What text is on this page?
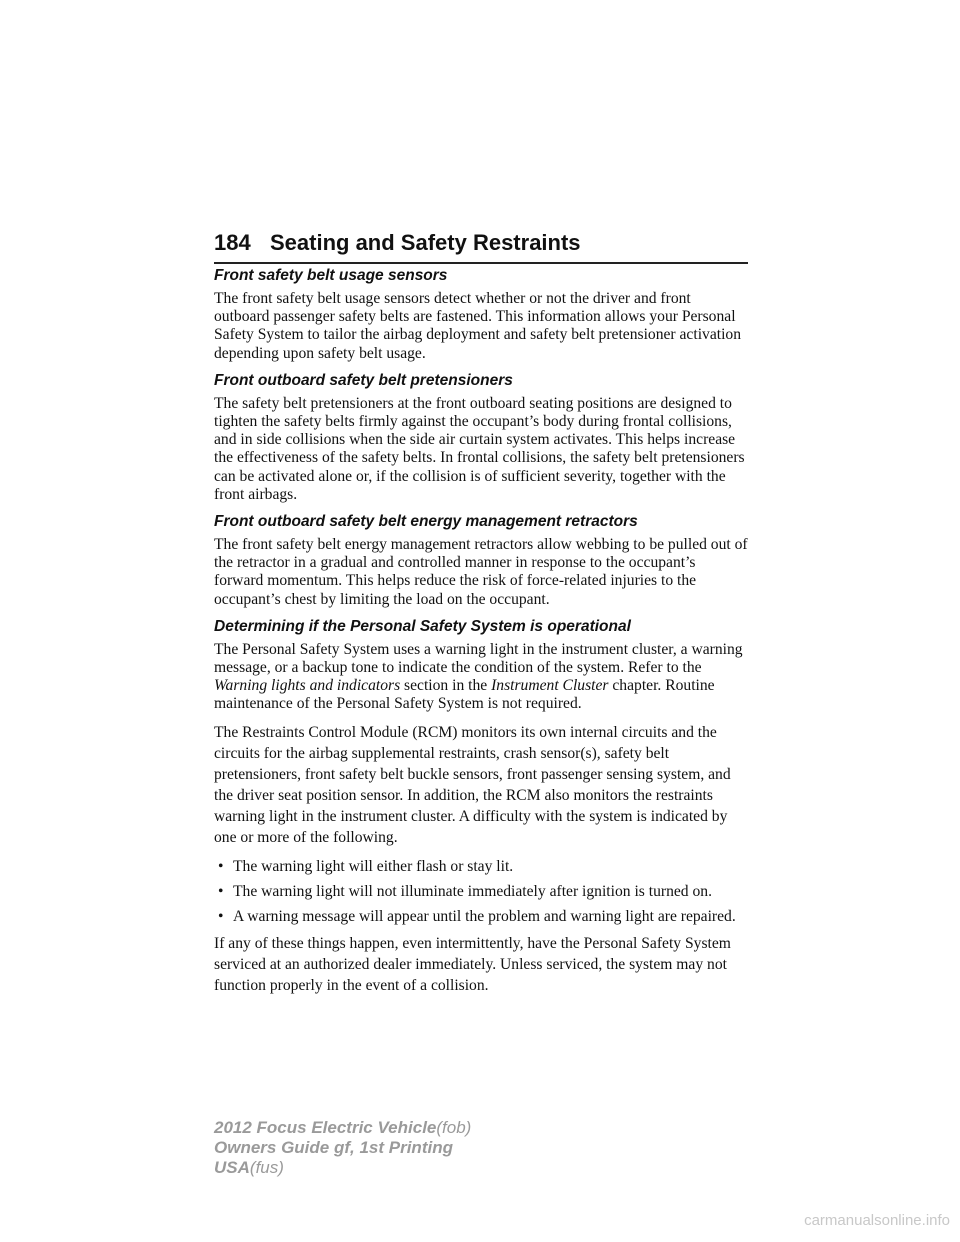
184 Seating and Safety Restraints
Front safety belt usage sensors

The front safety belt usage sensors detect whether or not the driver and front outboard passenger safety belts are fastened. This information allows your Personal Safety System to tailor the airbag deployment and safety belt pretensioner activation depending upon safety belt usage.

Front outboard safety belt pretensioners

The safety belt pretensioners at the front outboard seating positions are designed to tighten the safety belts firmly against the occupant’s body during frontal collisions, and in side collisions when the side air curtain system activates. This helps increase the effectiveness of the safety belts. In frontal collisions, the safety belt pretensioners can be activated alone or, if the collision is of sufficient severity, together with the front airbags.

Front outboard safety belt energy management retractors

The front safety belt energy management retractors allow webbing to be pulled out of the retractor in a gradual and controlled manner in response to the occupant’s forward momentum. This helps reduce the risk of force-related injuries to the occupant’s chest by limiting the load on the occupant.

Determining if the Personal Safety System is operational

The Personal Safety System uses a warning light in the instrument cluster, a warning message, or a backup tone to indicate the condition of the system. Refer to the Warning lights and indicators section in the Instrument Cluster chapter. Routine maintenance of the Personal Safety System is not required.

The Restraints Control Module (RCM) monitors its own internal circuits and the circuits for the airbag supplemental restraints, crash sensor(s), safety belt pretensioners, front safety belt buckle sensors, front passenger sensing system, and the driver seat position sensor. In addition, the RCM also monitors the restraints warning light in the instrument cluster. A difficulty with the system is indicated by one or more of the following.

• The warning light will either flash or stay lit.
• The warning light will not illuminate immediately after ignition is turned on.
• A warning message will appear until the problem and warning light are repaired.

If any of these things happen, even intermittently, have the Personal Safety System serviced at an authorized dealer immediately. Unless serviced, the system may not function properly in the event of a collision.

2012 Focus Electric Vehicle(fob)
Owners Guide gf, 1st Printing
USA(fus)
carmanualsonline.info
